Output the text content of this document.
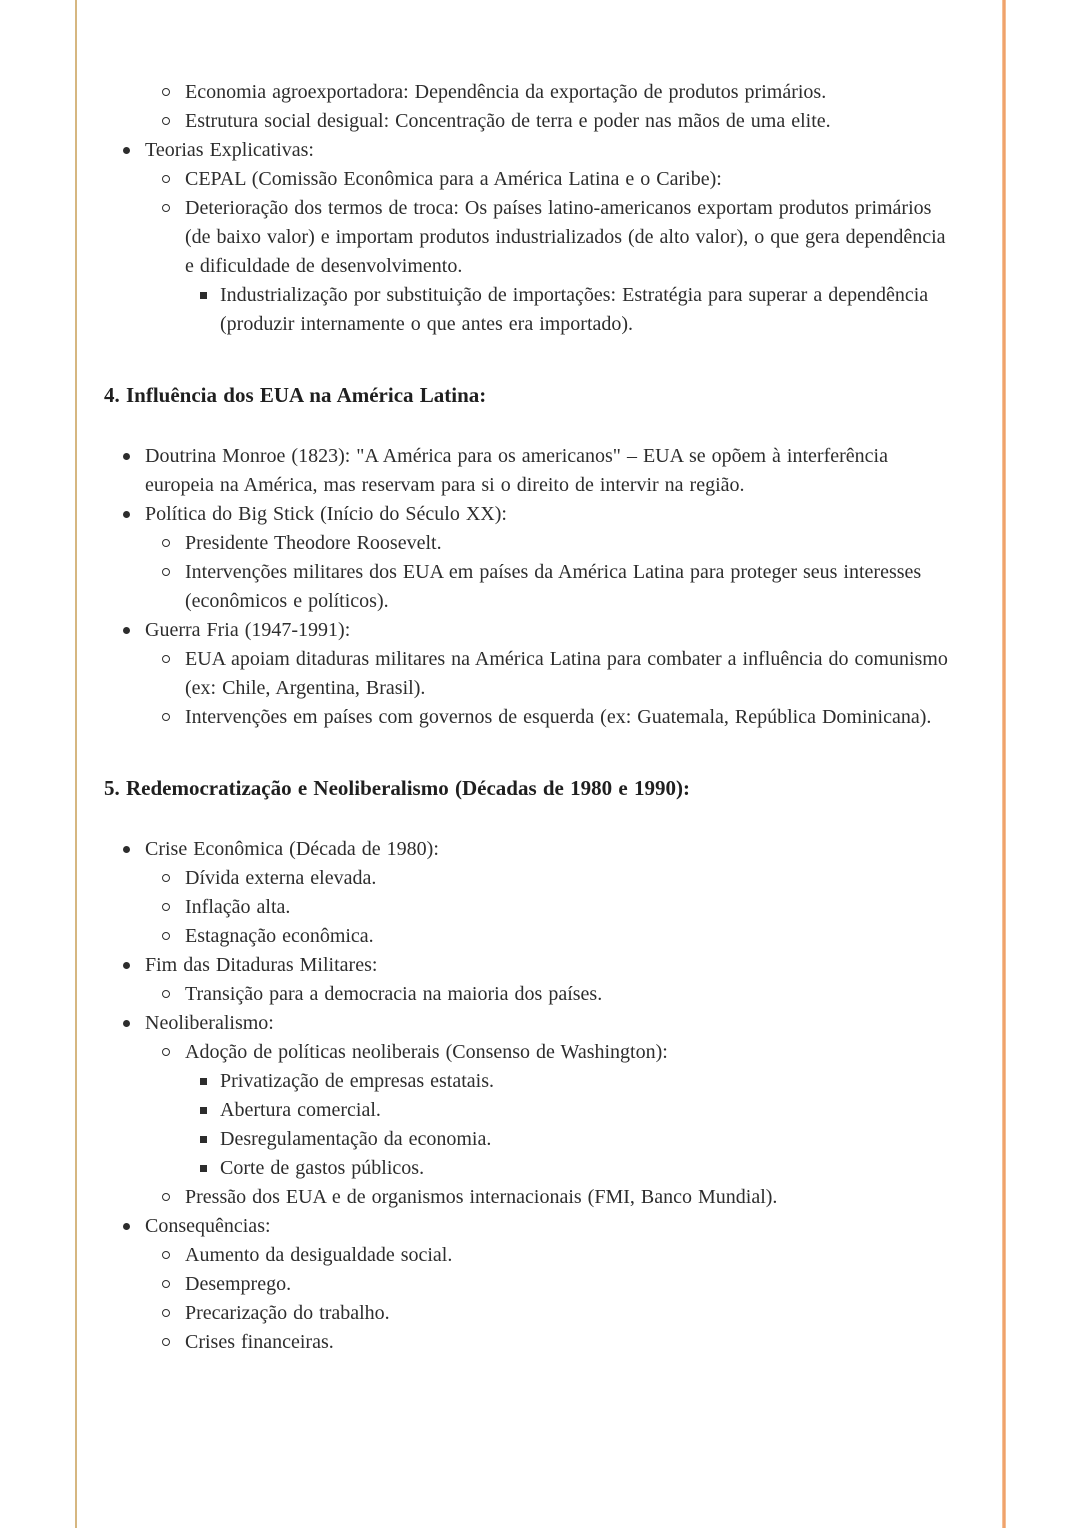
Economia agroexportadora: Dependência da exportação de produtos primários.
Estrutura social desigual: Concentração de terra e poder nas mãos de uma elite.
Teorias Explicativas:
CEPAL (Comissão Econômica para a América Latina e o Caribe):
Deterioração dos termos de troca: Os países latino-americanos exportam produtos primários (de baixo valor) e importam produtos industrializados (de alto valor), o que gera dependência e dificuldade de desenvolvimento.
Industrialização por substituição de importações: Estratégia para superar a dependência (produzir internamente o que antes era importado).
4. Influência dos EUA na América Latina:
Doutrina Monroe (1823): "A América para os americanos" – EUA se opõem à interferência europeia na América, mas reservam para si o direito de intervir na região.
Política do Big Stick (Início do Século XX):
Presidente Theodore Roosevelt.
Intervenções militares dos EUA em países da América Latina para proteger seus interesses (econômicos e políticos).
Guerra Fria (1947-1991):
EUA apoiam ditaduras militares na América Latina para combater a influência do comunismo (ex: Chile, Argentina, Brasil).
Intervenções em países com governos de esquerda (ex: Guatemala, República Dominicana).
5. Redemocratização e Neoliberalismo (Décadas de 1980 e 1990):
Crise Econômica (Década de 1980):
Dívida externa elevada.
Inflação alta.
Estagnação econômica.
Fim das Ditaduras Militares:
Transição para a democracia na maioria dos países.
Neoliberalismo:
Adoção de políticas neoliberais (Consenso de Washington):
Privatização de empresas estatais.
Abertura comercial.
Desregulamentação da economia.
Corte de gastos públicos.
Pressão dos EUA e de organismos internacionais (FMI, Banco Mundial).
Consequências:
Aumento da desigualdade social.
Desemprego.
Precarização do trabalho.
Crises financeiras.
